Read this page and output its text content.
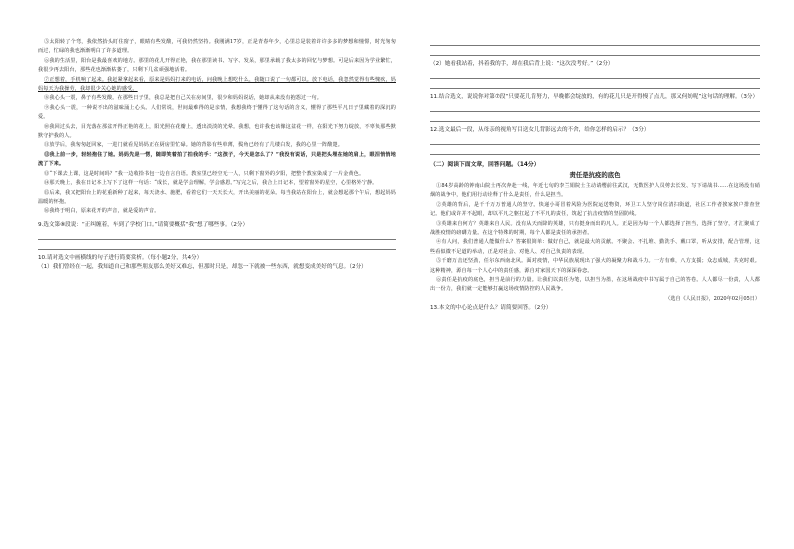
⑤太阳转了个弯，我依然抬头盯住窗子，眼睛有些发酸，可我仍然坚持。我刚满17岁，正是青春年少，心里总是装着许许多多的梦想和憧憬，时光匆匆而过，忙碌的我也渐渐明白了许多道理。

⑥我的生活里，阳台是我最喜欢的地方。那里的花儿开得正艳，我在那里读书、写字、发呆，那里承载了我太多的回忆与梦想。可是后来因为学业繁忙，我很少再去阳台，那些花也渐渐枯萎了，只剩下几盆顽强地活着。

⑦正想着，手机响了起来。我赶紧拿起来看，原来是妈妈打来的电话，问我晚上想吃什么，我随口说了一句都可以。放下电话，我忽然觉得有些愧疚，妈妈每天为我操劳，我却很少关心她的感受。

⑧我心头一震，鼻子有些发酸。在那些日子里，我总是把自己关在房间里，很少和妈妈说话，她却从来没有抱怨过一句。

⑨我心头一震，一种说不出的滋味涌上心头。人们常说，世间最难得的是亲情，我想我终于懂得了这句话的含义，懂得了那些平凡日子里藏着的深沉的爱。

⑩我回过头去，目光落在那盆开得正艳的花上，阳光照在花瓣上，透出淡淡的光晕。我想，也许我也该像这盆花一样，在阳光下努力绽放，不辜负那些默默守护我的人。

⑪放学后，我匆匆赶回家，一进门就看见妈妈正在厨房里忙碌。她的背影有些单薄，鬓角已经有了几缕白发，我的心里一阵酸楚。

⑫我上前一步，轻轻抱住了她。妈妈先是一愣，随即笑着拍了拍我的手：“这孩子，今天是怎么了？”我没有说话，只是把头埋在她的肩上，眼泪悄悄地流了下来。

⑬“下课去上课，这是时间吗？”我一边收拾书包一边自言自语。教室里已经空无一人，只剩下窗外的夕阳，把整个教室染成了一片金黄色。

⑭那天晚上，我在日记本上写下了这样一句话：“成长，就是学会理解，学会感恩。”写完之后，我合上日记本，望着窗外的星空，心里格外宁静。

⑮后来，我又把阳台上的花重新种了起来，每天浇水、施肥，看着它们一天天长大，开出美丽的花朵。每当我站在阳台上，就会想起那个午后，想起妈妈温暖的怀抱。

⑯我终于明白，原来花开的声音，就是爱的声音。

9.选文第⑧段说：“正纠缠着，车到了学校门口。”请简要概括“我”想了哪些事。（2分）

10.请对选文中画横线的句子进行简要赏析。（每小题2分，共4分）

（1）我们曾经在一起，我知道自己和那些朋友那么美好又难忘，但那时只是，却忽一下就被一些东西，就想变成美好的气息。（2分）

（2）她看我站着，抖着我的手，却在我后背上说：“这次没考好。”（2分）

11.结合选文，说说你对第⑦段“只要花儿肯努力，早晚都会绽放的，有的花儿只是开得慢了点儿，那又何妨呢”这句话的理解。（3分）

12.选文最后一段，从母亲的视角写目送女儿背影远去的不舍，给你怎样的启示？（3分）

（二）阅读下面文章，回答问题。（14分）

责任是抗疫的底色

①84岁高龄的钟南山院士再次奔赴一线，年近七旬的李兰娟院士主动请缨前往武汉，无数医护人员剪去长发、写下请战书……在这场没有硝烟的战争中，他们用行动诠释了什么是责任，什么是担当。

②英雄的背后，是千千万万普通人的坚守。快递小哥冒着风险为医院运送物资，环卫工人坚守岗位清扫街道，社区工作者挨家挨户排查登记。他们或许并不起眼，却以平凡之躯扛起了不平凡的责任，筑起了抗击疫情的坚固防线。

③英雄来自何方？英雄来自人民。没有从天而降的英雄，只有挺身而出的凡人。正是因为每一个人都选择了担当，选择了坚守，才汇聚成了战胜疫情的磅礴力量。在这个特殊的时期，每个人都是责任的承担者。

④有人问，我们普通人能做什么？答案很简单：做好自己，就是最大的贡献。不聚会、不扎堆、勤洗手、戴口罩，听从安排，配合管理，这些看似微不足道的举动，正是对社会、对他人、对自己负责的表现。

⑤千磨万击还坚劲，任尔东西南北风。面对疫情，中华民族展现出了强大的凝聚力和战斗力。一方有难，八方支援；众志成城，共克时艰。这种精神，源自每一个人心中的责任感，源自对家国天下的深深眷恋。

⑥责任是抗疫的底色，担当是前行的力量。让我们以责任为笔，以担当为墨，在这场战疫中书写属于自己的答卷。人人都尽一份责，人人都出一份力，我们就一定能够打赢这场疫情防控的人民战争。

（选自《人民日报》，2020年02月05日）

13.本文的中心论点是什么？请简要回答。（2分）
